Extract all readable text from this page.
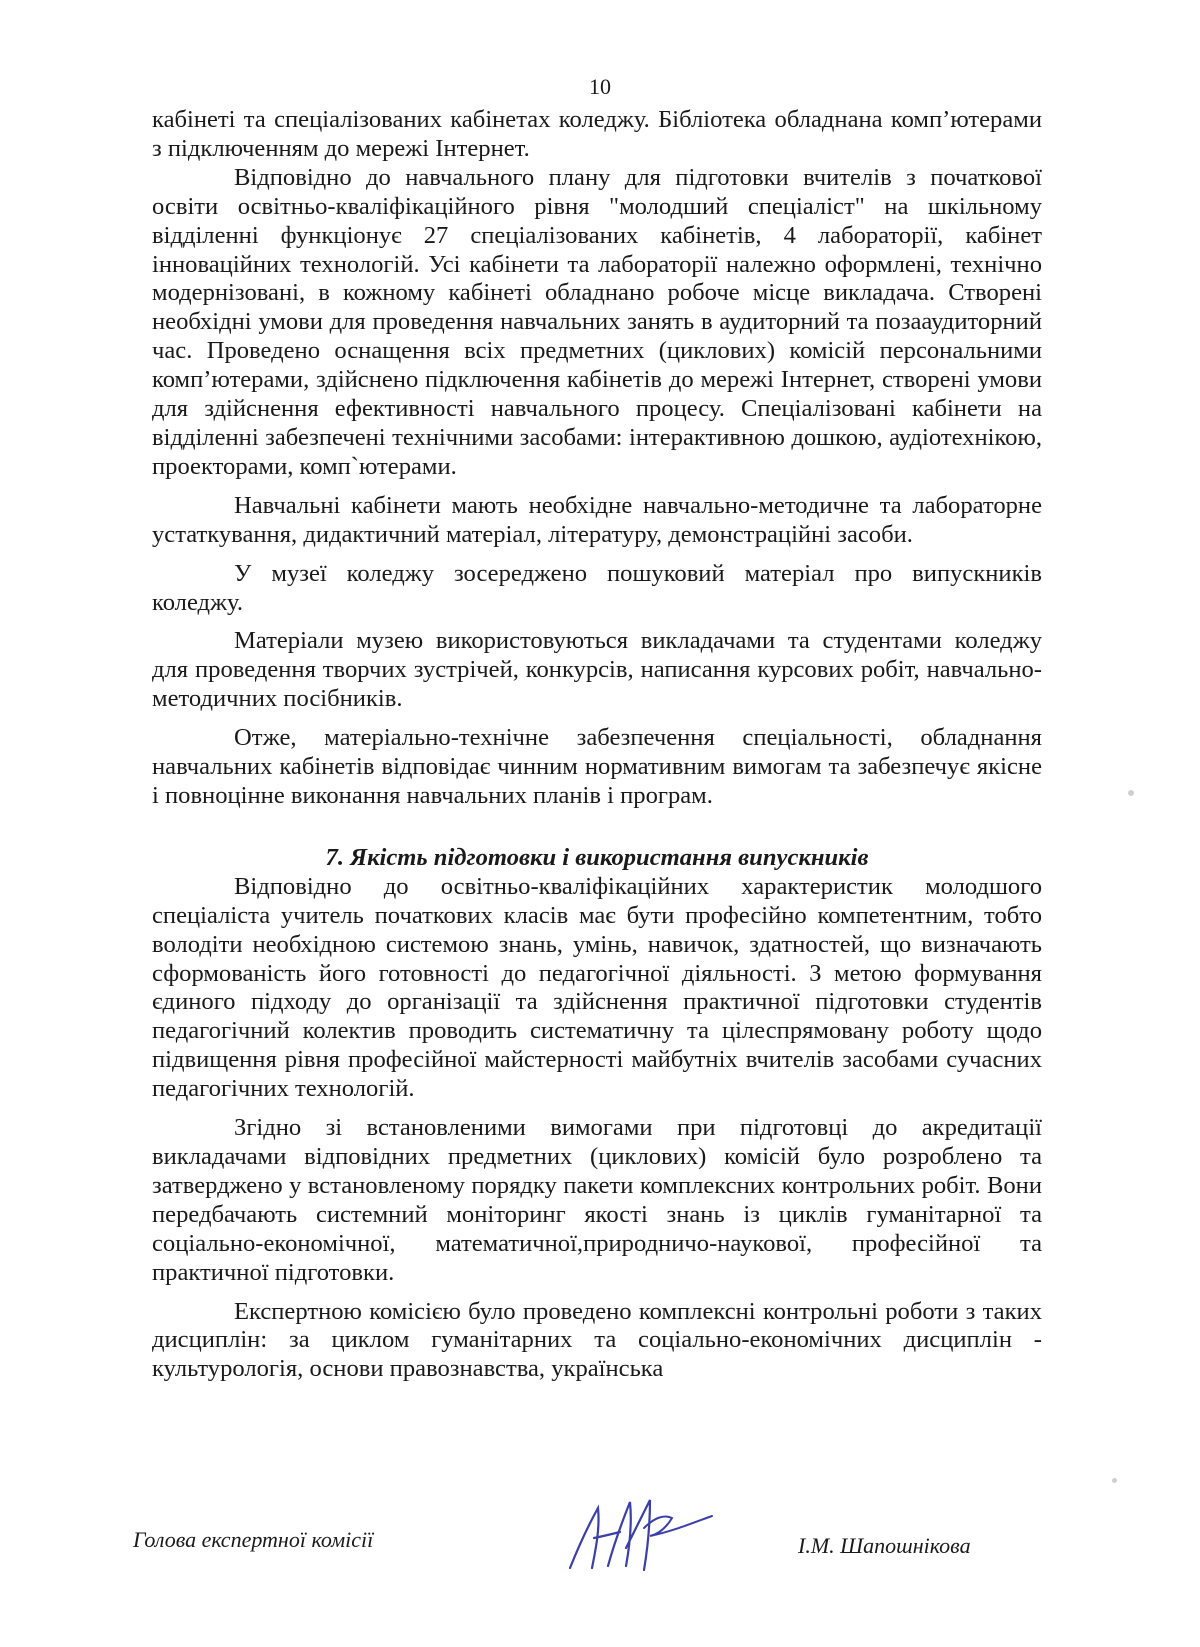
10

кабінеті та спеціалізованих кабінетах коледжу. Бібліотека обладнана комп’ютерами з підключенням до мережі Інтернет.

Відповідно до навчального плану для підготовки вчителів з початкової освіти освітньо-кваліфікаційного рівня "молодший спеціаліст" на шкільному відділенні функціонує 27 спеціалізованих кабінетів, 4 лабораторії, кабінет інноваційних технологій. Усі кабінети та лабораторії належно оформлені, технічно модернізовані, в кожному кабінеті обладнано робоче місце викладача. Створені необхідні умови для проведення навчальних занять в аудиторний та позааудиторний час. Проведено оснащення всіх предметних (циклових) комісій персональними комп’ютерами, здійснено підключення кабінетів до мережі Інтернет, створені умови для здійснення ефективності навчального процесу. Спеціалізовані кабінети на відділенні забезпечені технічними засобами: інтерактивною дошкою, аудіотехнікою, проекторами, комп`ютерами.

Навчальні кабінети мають необхідне навчально-методичне та лабораторне устаткування, дидактичний матеріал, літературу, демонстраційні засоби.

У музеї коледжу зосереджено пошуковий матеріал про випускників коледжу.

Матеріали музею використовуються викладачами та студентами коледжу для проведення творчих зустрічей, конкурсів, написання курсових робіт, навчально-методичних посібників.

Отже, матеріально-технічне забезпечення спеціальності, обладнання навчальних кабінетів відповідає чинним нормативним вимогам та забезпечує якісне і повноцінне виконання навчальних планів і програм.

7. Якість підготовки і використання випускників

Відповідно до освітньо-кваліфікаційних характеристик молодшого спеціаліста учитель початкових класів має бути професійно компетентним, тобто володіти необхідною системою знань, умінь, навичок, здатностей, що визначають сформованість його готовності до педагогічної діяльності. З метою формування єдиного підходу до організації та здійснення практичної підготовки студентів педагогічний колектив проводить систематичну та цілеспрямовану роботу щодо підвищення рівня професійної майстерності майбутніх вчителів засобами сучасних педагогічних технологій.

Згідно зі встановленими вимогами при підготовці до акредитації викладачами відповідних предметних (циклових) комісій було розроблено та затверджено у встановленому порядку пакети комплексних контрольних робіт. Вони передбачають системний моніторинг якості знань із циклів гуманітарної та соціально-економічної, математичної,природничо-наукової, професійної та практичної підготовки.

Експертною комісією було проведено комплексні контрольні роботи з таких дисциплін: за циклом гуманітарних та соціально-економічних дисциплін - культурологія, основи правознавства, українська

Голова експертної комісії	І.М. Шапошнікова
